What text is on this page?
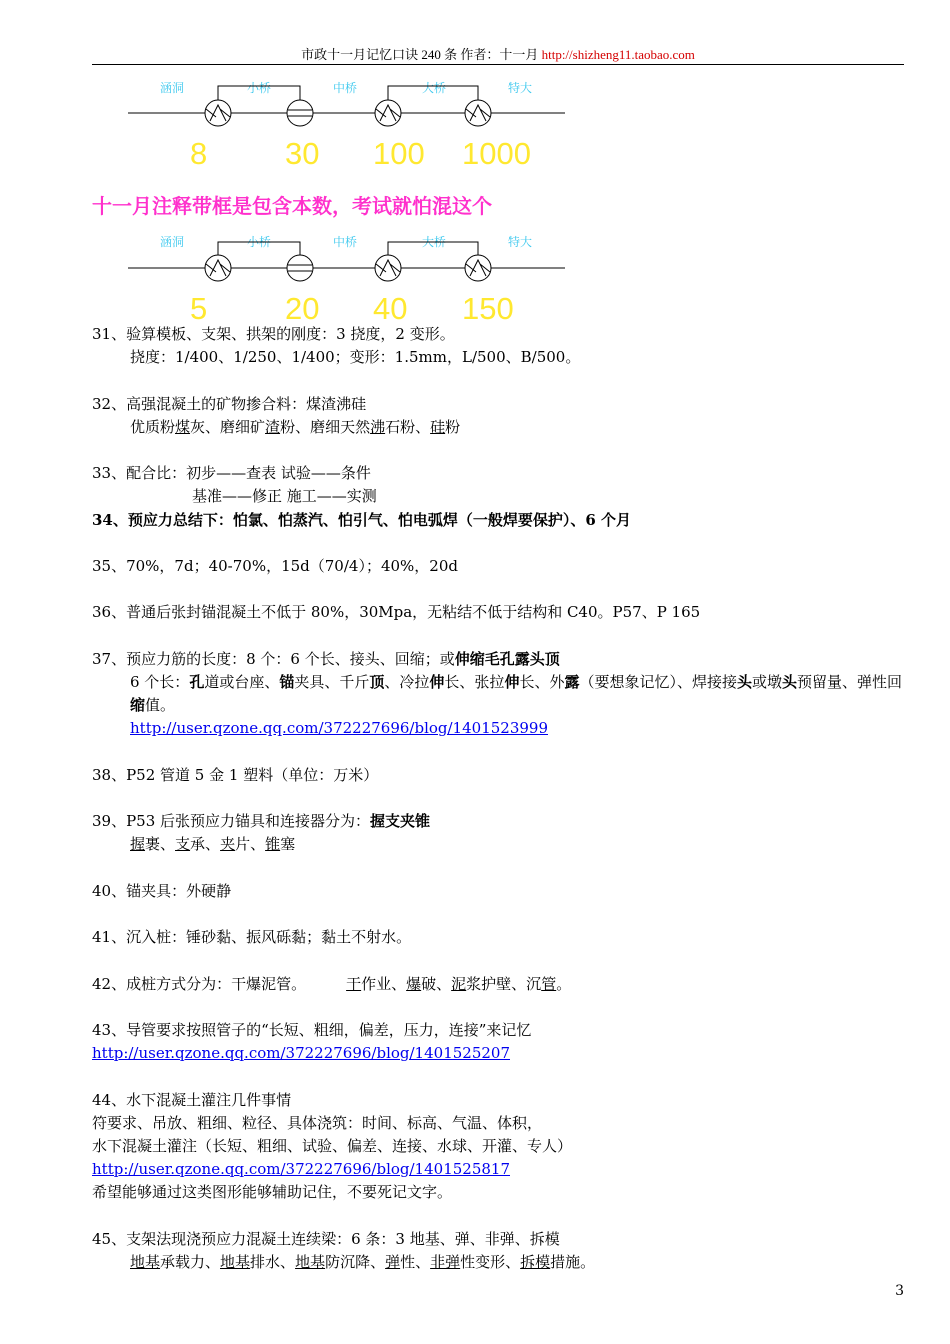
市政十一月记忆口诀 240 条 作者：十一月 http://shizheng11.taobao.com
涵洞	小桥	中桥	大桥	特大
8	30 100 1000
十一月注释带框是包含本数，考试就怕混这个
涵洞	小桥	中桥	大桥	特大
5	20 40 150
31、验算模板、支架、拱架的刚度：3 挠度，2 变形。
挠度：1/400、1/250、1/400；变形：1.5mm，L/500、B/500。
32、高强混凝土的矿物掺合料：煤渣沸硅
优质粉煤灰、磨细矿渣粉、磨细天然沸石粉、硅粉
33、配合比：初步——查表 试验——条件
基准——修正 施工——实测
34、预应力总结下：怕氯、怕蒸汽、怕引气、怕电弧焊（一般焊要保护）、6 个月
35、70%，7d；40-70%，15d（70/4）；40%，20d
36、普通后张封锚混凝土不低于 80%，30Mpa，无粘结不低于结构和 C40。P57、P 165
37、预应力筋的长度：8 个：6 个长、接头、回缩；或伸缩毛孔露头顶
6 个长：孔道或台座、锚夹具、千斤顶、冷拉伸长、张拉伸长、外露（要想象记忆）、焊接接头或墩头预留量、弹性回缩值。
http://user.qzone.qq.com/372227696/blog/1401523999
38、P52 管道 5 金 1 塑料（单位：万米）
39、P53 后张预应力锚具和连接器分为：握支夹锥
握裹、支承、夹片、锥塞
40、锚夹具：外硬静
41、沉入桩：锤砂黏、振风砾黏；黏土不射水。
42、成桩方式分为：干爆泥管。	干作业、爆破、泥浆护壁、沉管。
43、导管要求按照管子的“长短、粗细，偏差，压力，连接”来记忆
http://user.qzone.qq.com/372227696/blog/1401525207
44、水下混凝土灌注几件事情
符要求、吊放、粗细、粒径、具体浇筑：时间、标高、气温、体积，
水下混凝土灌注（长短、粗细、试验、偏差、连接、水球、开灌、专人）
http://user.qzone.qq.com/372227696/blog/1401525817
希望能够通过这类图形能够辅助记住，不要死记文字。
45、支架法现浇预应力混凝土连续梁：6 条：3 地基、弹、非弹、拆模
地基承载力、地基排水、地基防沉降、弹性、非弹性变形、拆模措施。
3
